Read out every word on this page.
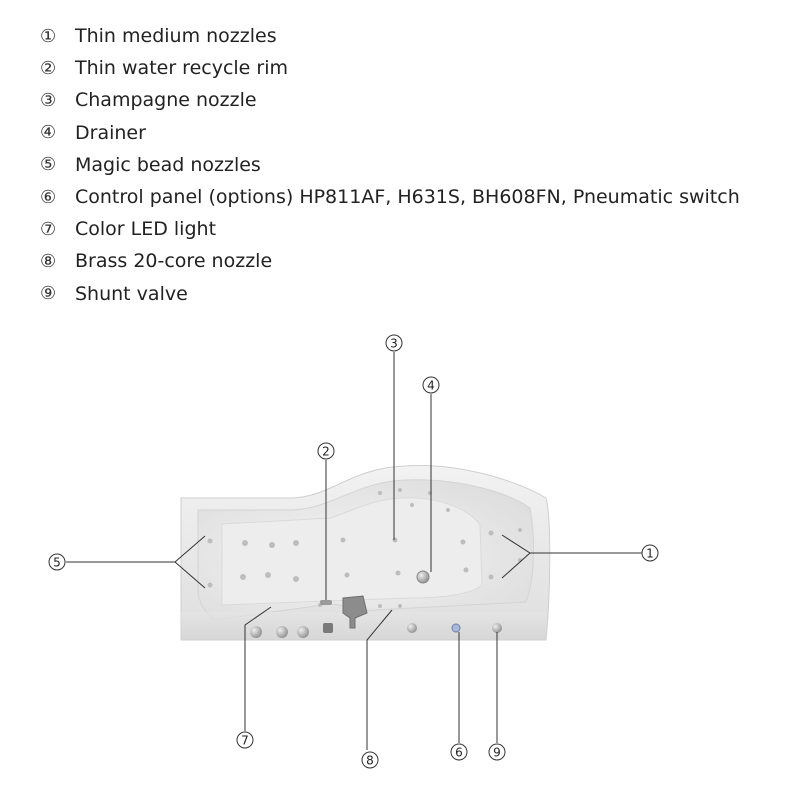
① Thin medium nozzles
② Thin water recycle rim
③ Champagne nozzle
④ Drainer
⑤ Magic bead nozzles
⑥ Control panel (options) HP811AF, H631S, BH608FN, Pneumatic switch
⑦ Color LED light
⑧ Brass 20-core nozzle
⑨ Shunt valve
1
2
3
4
5
6
7
8
9
